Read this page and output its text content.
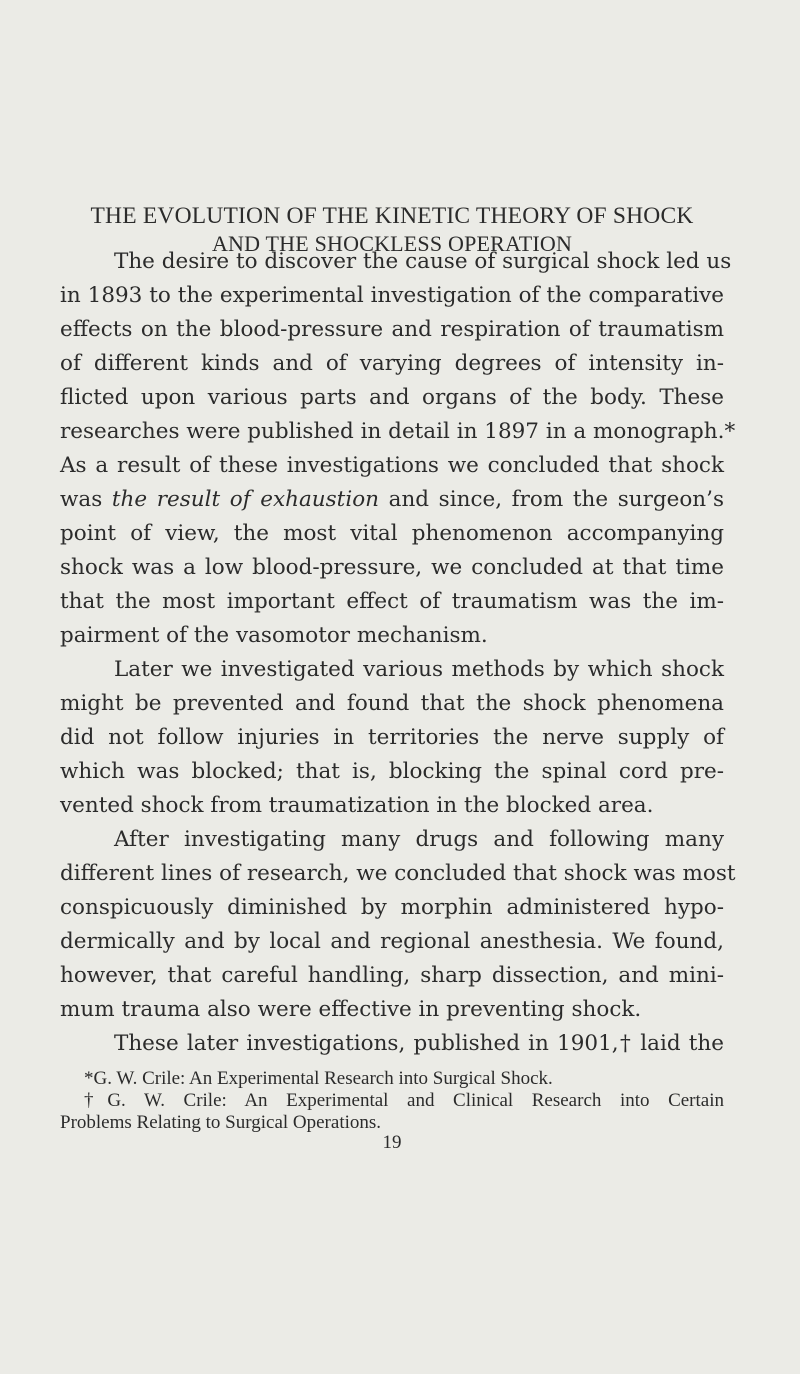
THE EVOLUTION OF THE KINETIC THEORY OF SHOCK
AND THE SHOCKLESS OPERATION
The desire to discover the cause of surgical shock led us
in 1893 to the experimental investigation of the comparative
effects on the blood-pressure and respiration of traumatism
of different kinds and of varying degrees of intensity in-
flicted upon various parts and organs of the body. These
researches were published in detail in 1897 in a monograph.*
As a result of these investigations we concluded that shock
was the result of exhaustion and since, from the surgeon’s
point of view, the most vital phenomenon accompanying
shock was a low blood-pressure, we concluded at that time
that the most important effect of traumatism was the im-
pairment of the vasomotor mechanism.
Later we investigated various methods by which shock
might be prevented and found that the shock phenomena
did not follow injuries in territories the nerve supply of
which was blocked; that is, blocking the spinal cord pre-
vented shock from traumatization in the blocked area.
After investigating many drugs and following many
different lines of research, we concluded that shock was most
conspicuously diminished by morphin administered hypo-
dermically and by local and regional anesthesia. We found,
however, that careful handling, sharp dissection, and mini-
mum trauma also were effective in preventing shock.
These later investigations, published in 1901,† laid the
*G. W. Crile: An Experimental Research into Surgical Shock.
†G. W. Crile: An Experimental and Clinical Research into Certain
Problems Relating to Surgical Operations.
19
